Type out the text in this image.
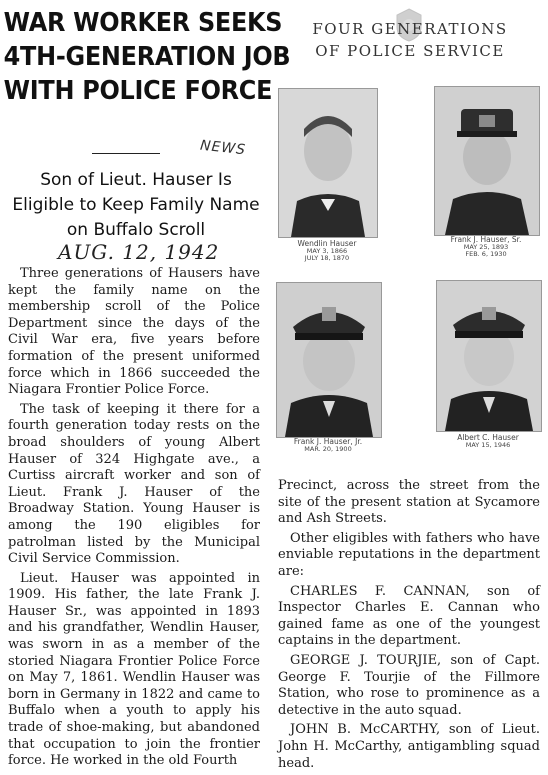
WAR WORKER SEEKS
4TH-GENERATION JOB
WITH POLICE FORCE
NEWS
Son of Lieut. Hauser Is Eligible to Keep Family Name on Buffalo Scroll
AUG. 12, 1942

Three generations of Hausers have kept the family name on the membership scroll of the Police Department since the days of the Civil War era, five years before formation of the present uniformed force which in 1866 succeeded the Niagara Frontier Police Force.

The task of keeping it there for a fourth generation today rests on the broad shoulders of young Albert Hauser of 324 Highgate ave., a Curtiss aircraft worker and son of Lieut. Frank J. Hauser of the Broadway Station. Young Hauser is among the 190 eligibles for patrolman listed by the Municipal Civil Service Commission.

Lieut. Hauser was appointed in 1909. His father, the late Frank J. Hauser Sr., was appointed in 1893 and his grandfather, Wendlin Hauser, was sworn in as a member of the storied Niagara Frontier Police Force on May 7, 1861. Wendlin Hauser was born in Germany in 1822 and came to Buffalo when a youth to apply his trade of shoe-making, but abandoned that occupation to join the frontier force. He worked in the old Fourth

FOUR GENERATIONS
OF POLICE SERVICE
Wendlin Hauser
MAY 3, 1866
JULY 18, 1870
Frank J. Hauser, Sr.
MAY 25, 1893
FEB. 6, 1930
Frank J. Hauser, Jr.
MAR. 20, 1900
Albert C. Hauser
MAY 15, 1946

Precinct, across the street from the site of the present station at Sycamore and Ash Streets.

Other eligibles with fathers who have enviable reputations in the department are:

CHARLES F. CANNAN, son of Inspector Charles E. Cannan who gained fame as one of the youngest captains in the department.

GEORGE J. TOURJIE, son of Capt. George F. Tourjie of the Fillmore Station, who rose to prominence as a detective in the auto squad.

JOHN B. McCARTHY, son of Lieut. John H. McCarthy, antigambling squad head.
